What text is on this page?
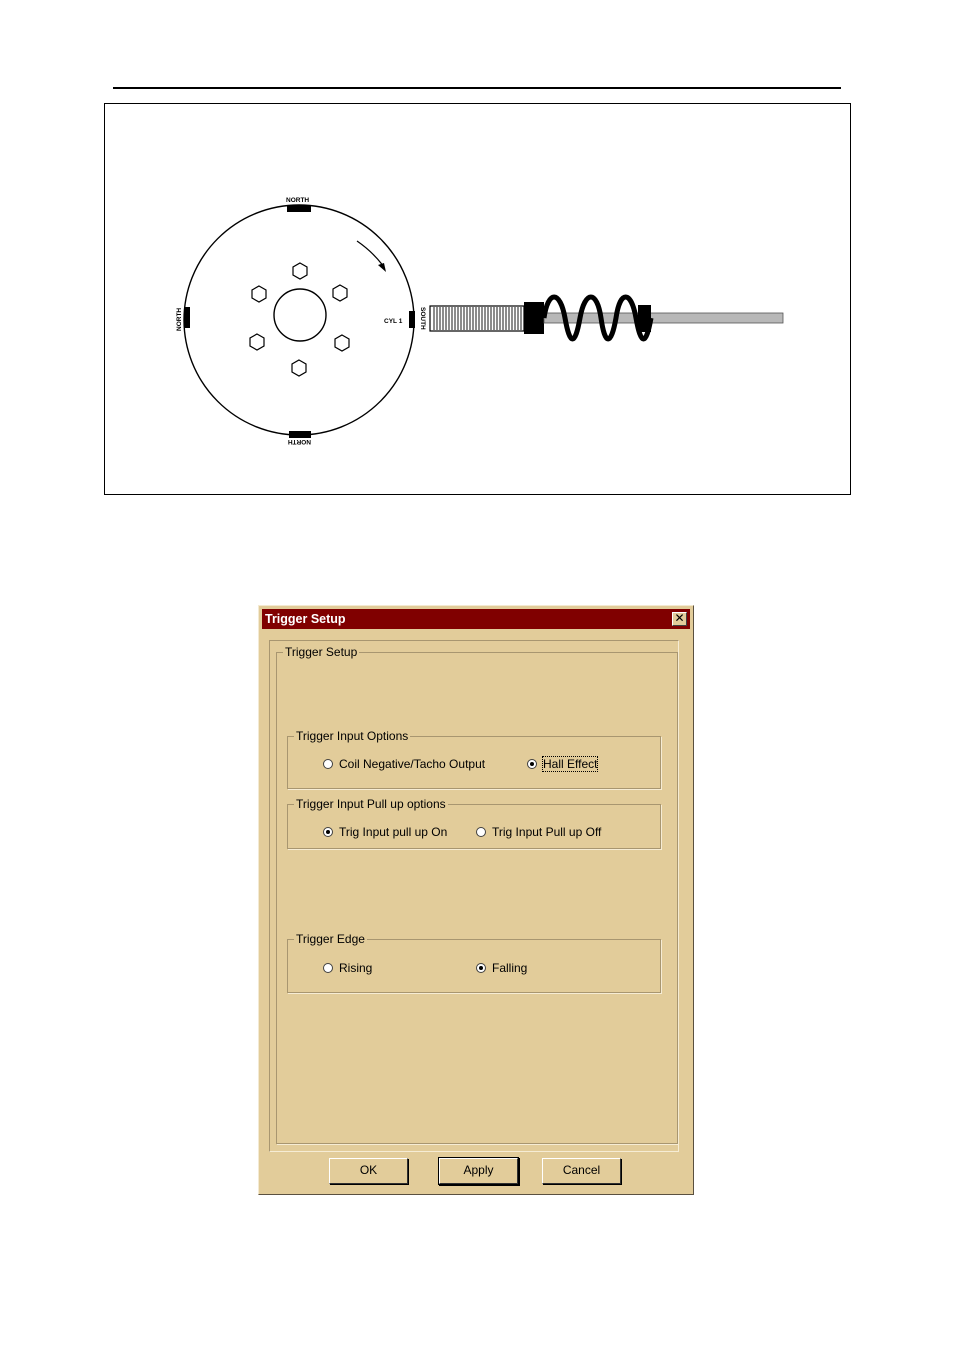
NORTH
NORTH
NORTH
SOUTH
CYL 1
Trigger Setup	✕
Trigger Setup
Trigger Input Options
Coil Negative/Tacho Output	Hall Effect
Trigger Input Pull up options
Trig Input pull up On	Trig Input Pull up Off
Trigger Edge
Rising	Falling
OK	Apply	Cancel
